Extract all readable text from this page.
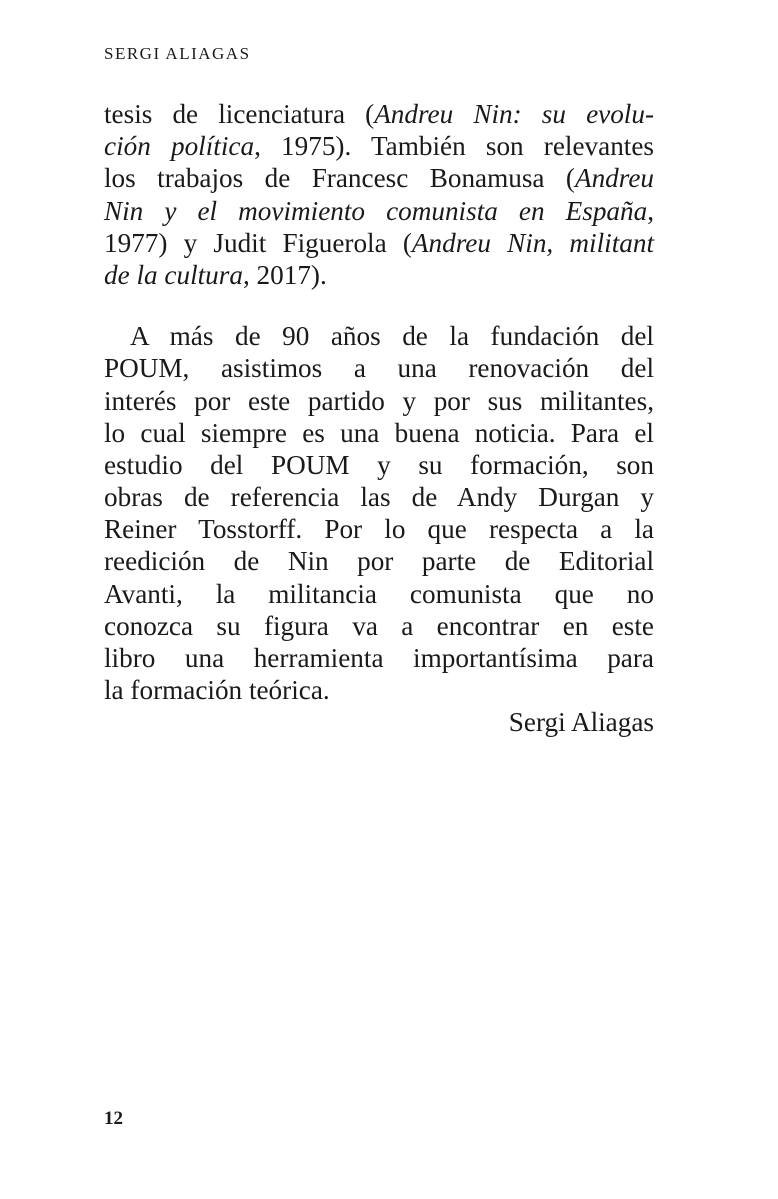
SERGI ALIAGAS
tesis de licenciatura (Andreu Nin: su evolu-
ción política, 1975). También son relevantes
los trabajos de Francesc Bonamusa (Andreu
Nin y el movimiento comunista en España,
1977) y Judit Figuerola (Andreu Nin, militant
de la cultura, 2017).
A más de 90 años de la fundación del
POUM, asistimos a una renovación del
interés por este partido y por sus militantes,
lo cual siempre es una buena noticia. Para el
estudio del POUM y su formación, son
obras de referencia las de Andy Durgan y
Reiner Tosstorff. Por lo que respecta a la
reedición de Nin por parte de Editorial
Avanti, la militancia comunista que no
conozca su figura va a encontrar en este
libro una herramienta importantísima para
la formación teórica.
Sergi Aliagas
12
